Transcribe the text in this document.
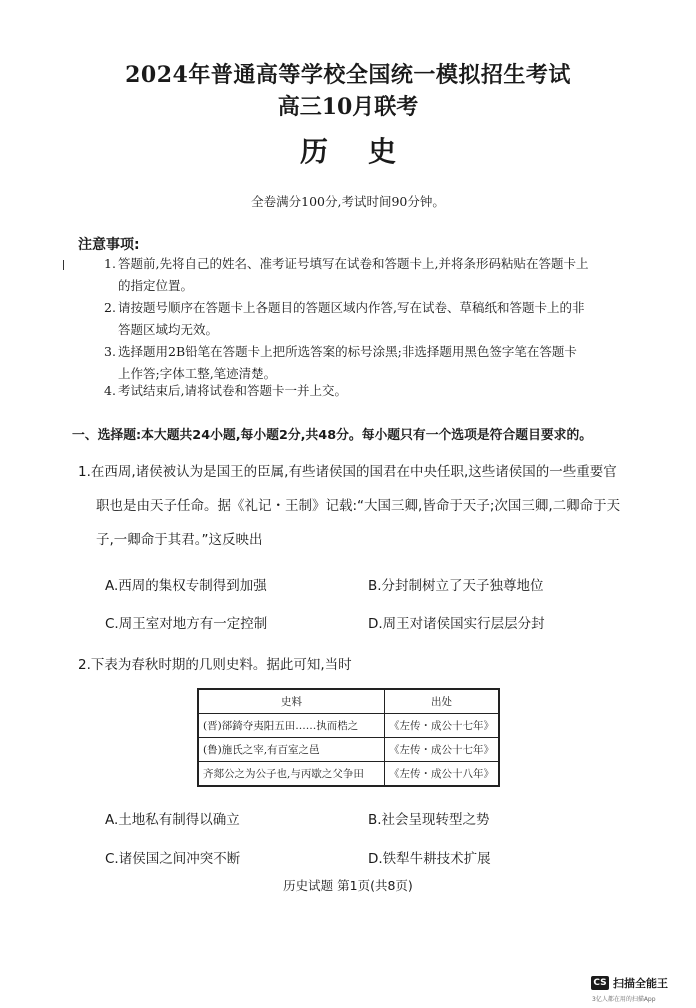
2024年普通高等学校全国统一模拟招生考试
高三10月联考
历史
全卷满分100分,考试时间90分钟。
注意事项:
1. 答题前,先将自己的姓名、准考证号填写在试卷和答题卡上,并将条形码粘贴在答题卡上
的指定位置。
2. 请按题号顺序在答题卡上各题目的答题区域内作答,写在试卷、草稿纸和答题卡上的非
答题区域均无效。
3. 选择题用2B铅笔在答题卡上把所选答案的标号涂黑;非选择题用黑色签字笔在答题卡
上作答;字体工整,笔迹清楚。
4. 考试结束后,请将试卷和答题卡一并上交。
一、选择题:本大题共24小题,每小题2分,共48分。每小题只有一个选项是符合题目要求的。
1.在西周,诸侯被认为是国王的臣属,有些诸侯国的国君在中央任职,这些诸侯国的一些重要官
职也是由天子任命。据《礼记・王制》记载:“大国三卿,皆命于天子;次国三卿,二卿命于天
子,一卿命于其君。”这反映出
A.西周的集权专制得到加强	B.分封制树立了天子独尊地位
C.周王室对地方有一定控制	D.周王对诸侯国实行层层分封
2.下表为春秋时期的几则史料。据此可知,当时
史料	出处
(晋)郤錡夺夷阳五田……执而梏之	《左传・成公十七年》
(鲁)施氏之宰,有百室之邑	《左传・成公十七年》
齐郯公之为公子也,与丙歇之父争田	《左传・成公十八年》
A.土地私有制得以确立	B.社会呈现转型之势
C.诸侯国之间冲突不断	D.铁犁牛耕技术扩展
历史试题 第1页(共8页)
CS 扫描全能王
3亿人都在用的扫描App
